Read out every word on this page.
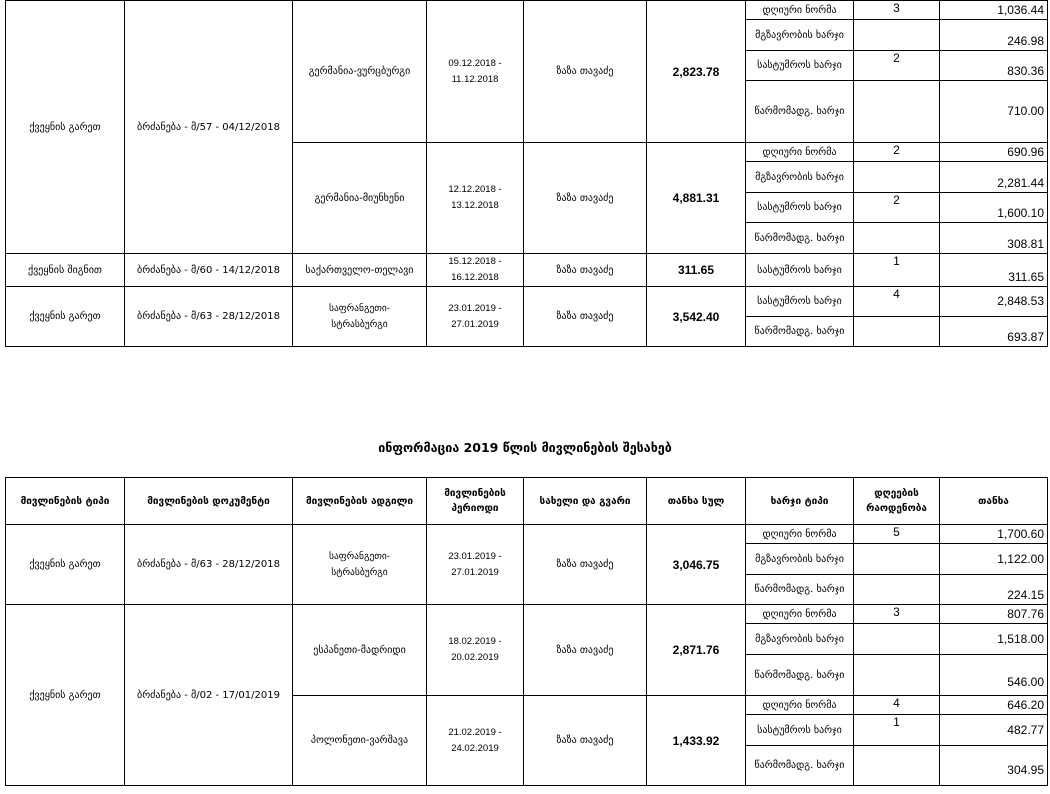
ქვეყნის გარეთ	ბრძანება - მ/57 - 04/12/2018	გერმანია-ვურცბურგი	09.12.2018 -
11.12.2018	ზაზა თავაძე	2,823.78	დღიური ნორმა	3	1,036.44
						მგზავრობის ხარჯი		246.98
						სასტუმროს ხარჯი	2	830.36
						წარმომადგ. ხარჯი		710.00
		გერმანია-მიუნხენი	12.12.2018 -
13.12.2018	ზაზა თავაძე	4,881.31	დღიური ნორმა	2	690.96
						მგზავრობის ხარჯი		2,281.44
						სასტუმროს ხარჯი	2	1,600.10
						წარმომადგ. ხარჯი		308.81
ქვეყნის შიგნით	ბრძანება - მ/60 - 14/12/2018	საქართველო-თელავი	15.12.2018 -
16.12.2018	ზაზა თავაძე	311.65	სასტუმროს ხარჯი	1	311.65
ქვეყნის გარეთ	ბრძანება - მ/63 - 28/12/2018	საფრანგეთი-
სტრასბურგი	23.01.2019 -
27.01.2019	ზაზა თავაძე	3,542.40	სასტუმროს ხარჯი	4	2,848.53
						წარმომადგ. ხარჯი		693.87
ინფორმაცია 2019 წლის მივლინების შესახებ
მივლინების ტიპი	მივლინების დოკუმენტი	მივლინების ადგილი	მივლინების
პერიოდი	სახელი და გვარი	თანხა სულ	ხარჯი ტიპი	დღეების
რაოდენობა	თანხა
ქვეყნის გარეთ	ბრძანება - მ/63 - 28/12/2018	საფრანგეთი-
სტრასბურგი	23.01.2019 -
27.01.2019	ზაზა თავაძე	3,046.75	დღიური ნორმა	5	1,700.60
						მგზავრობის ხარჯი		1,122.00
						წარმომადგ. ხარჯი		224.15
ქვეყნის გარეთ	ბრძანება - მ/02 - 17/01/2019	ესპანეთი-მადრიდი	18.02.2019 -
20.02.2019	ზაზა თავაძე	2,871.76	დღიური ნორმა	3	807.76
						მგზავრობის ხარჯი		1,518.00
						წარმომადგ. ხარჯი		546.00
		პოლონეთი-ვარშავა	21.02.2019 -
24.02.2019	ზაზა თავაძე	1,433.92	დღიური ნორმა	4	646.20
						სასტუმროს ხარჯი	1	482.77
						წარმომადგ. ხარჯი		304.95
